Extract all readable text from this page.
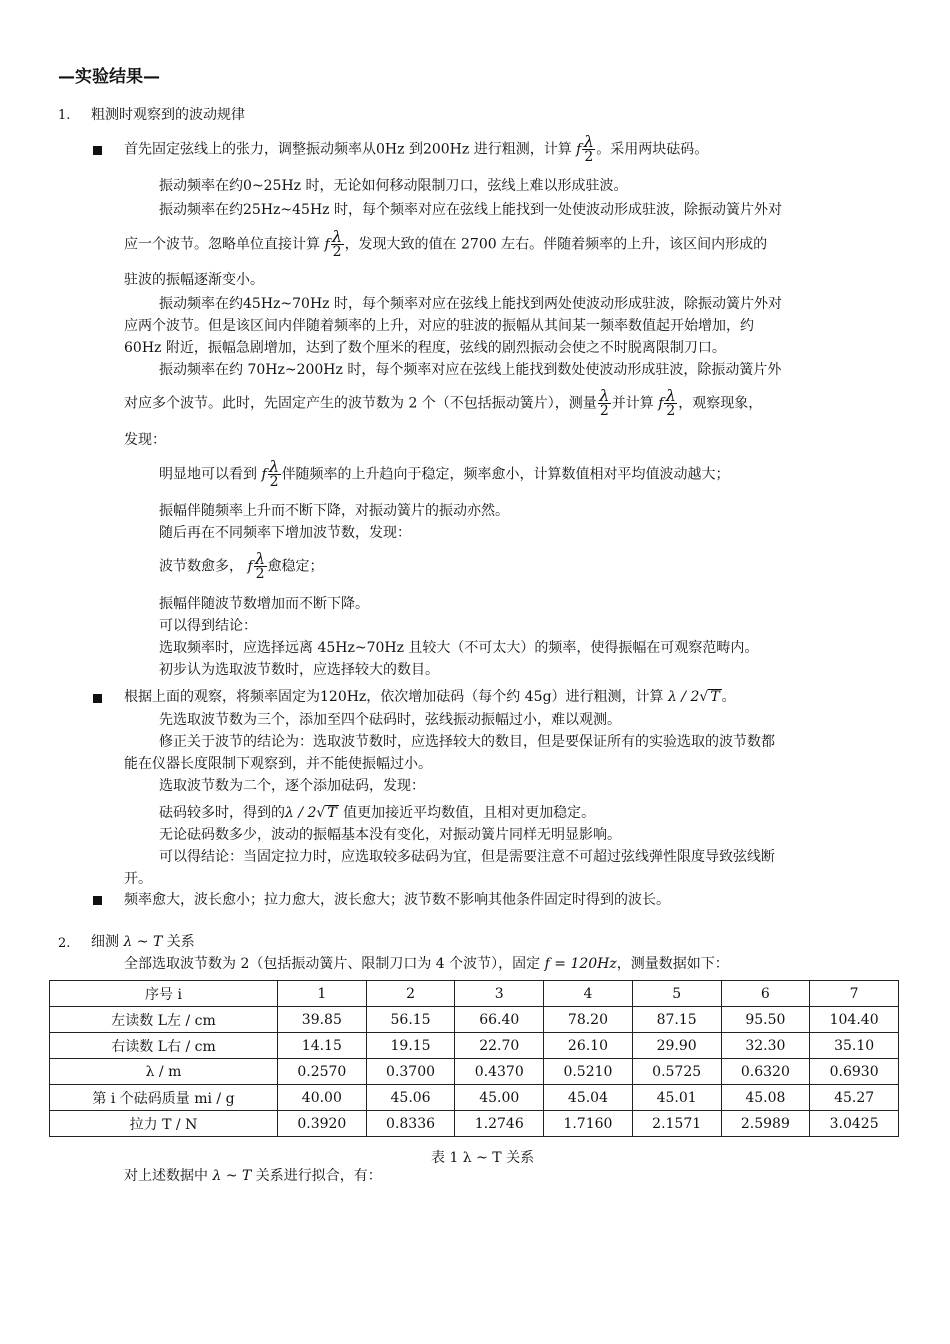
—实验结果—
1. 粗测时观察到的波动规律
首先固定弦线上的张力，调整振动频率从0Hz 到200Hz 进行粗测，计算 f $\frac{\lambda}{2}$ 。采用两块砝码。
振动频率在约0~25Hz 时，无论如何移动限制刀口，弦线上难以形成驻波。
振动频率在约25Hz~45Hz 时，每个频率对应在弦线上能找到一处使波动形成驻波，除振动簧片外对
应一个波节。忽略单位直接计算 f $\frac{\lambda}{2}$ ，发现大致的值在 2700 左右。伴随着频率的上升，该区间内形成的
驻波的振幅逐渐变小。
振动频率在约45Hz~70Hz 时，每个频率对应在弦线上能找到两处使波动形成驻波，除振动簧片外对
应两个波节。但是该区间内伴随着频率的上升，对应的驻波的振幅从其间某一频率数值起开始增加，约
60Hz 附近，振幅急剧增加，达到了数个厘米的程度，弦线的剧烈振动会使之不时脱离限制刀口。
振动频率在约 70Hz~200Hz 时，每个频率对应在弦线上能找到数处使波动形成驻波，除振动簧片外
对应多个波节。此时，先固定产生的波节数为 2 个（不包括振动簧片），测量 $\frac{\lambda}{2}$ 并计算 f $\frac{\lambda}{2}$ ，观察现象，
发现：
明显地可以看到 f $\frac{\lambda}{2}$ 伴随频率的上升趋向于稳定，频率愈小，计算数值相对平均值波动越大；
振幅伴随频率上升而不断下降，对振动簧片的振动亦然。
随后再在不同频率下增加波节数，发现：
波节数愈多， f $\frac{\lambda}{2}$ 愈稳定；
振幅伴随波节数增加而不断下降。
可以得到结论：
选取频率时，应选择远离 45Hz~70Hz 且较大（不可太大）的频率，使得振幅在可观察范畴内。
初步认为选取波节数时，应选择较大的数目。
根据上面的观察，将频率固定为120Hz，依次增加砝码（每个约 45g）进行粗测，计算 λ / 2√ T 。
先选取波节数为三个，添加至四个砝码时，弦线振动振幅过小，难以观测。
修正关于波节的结论为：选取波节数时，应选择较大的数目，但是要保证所有的实验选取的波节数都
能在仪器长度限制下观察到，并不能使振幅过小。
选取波节数为二个，逐个添加砝码，发现：
砝码较多时，得到的λ / 2√ T 值更加接近平均数值，且相对更加稳定。
无论砝码数多少，波动的振幅基本没有变化，对振动簧片同样无明显影响。
可以得结论：当固定拉力时，应选取较多砝码为宜，但是需要注意不可超过弦线弹性限度导致弦线断
开。
频率愈大，波长愈小；拉力愈大，波长愈大；波节数不影响其他条件固定时得到的波长。
2. 细测 λ ~ T 关系
全部选取波节数为 2（包括振动簧片、限制刀口为 4 个波节），固定 f = 120Hz，测量数据如下：
序号 i	1	2	3	4	5	6	7
左读数 L左 / cm	39.85	56.15	66.40	78.20	87.15	95.50	104.40
右读数 L右 / cm	14.15	19.15	22.70	26.10	29.90	32.30	35.10
λ / m	0.2570	0.3700	0.4370	0.5210	0.5725	0.6320	0.6930
第 i 个砝码质量 mi / g	40.00	45.06	45.00	45.04	45.01	45.08	45.27
拉力 T / N	0.3920	0.8336	1.2746	1.7160	2.1571	2.5989	3.0425
表 1 λ ~ T 关系
对上述数据中 λ ~ T 关系进行拟合，有：
